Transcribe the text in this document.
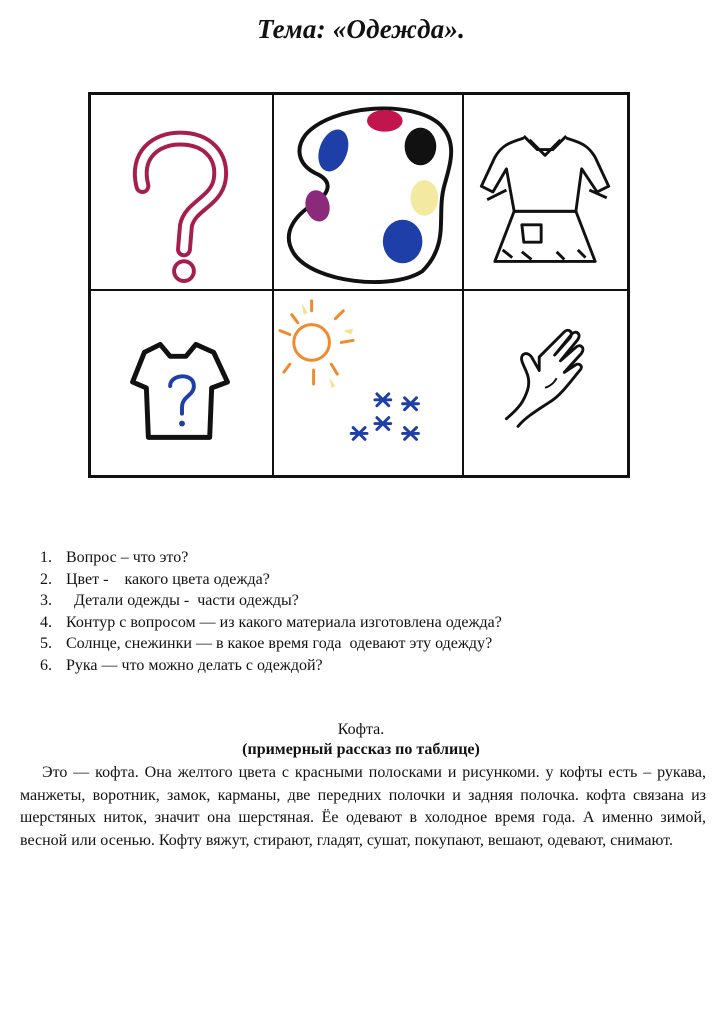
Тема: «Одежда».
1. Вопрос – что это?
2. Цвет -    какого цвета одежда?
3.  Детали одежды -  части одежды?
4. Контур с вопросом — из какого материала изготовлена одежда?
5. Солнце, снежинки — в какое время года  одевают эту одежду?
6. Рука — что можно делать с одеждой?
Кофта.
(примерный рассказ по таблице)

Это — кофта. Она желтого цвета с красными полосками и рисункоми. у кофты есть – рукава, манжеты, воротник, замок, карманы, две передних полочки и задняя полочка. кофта связана из шерстяных ниток, значит она шерстяная. Ёе одевают в холодное время года. А именно зимой, весной или осенью. Кофту вяжут, стирают, гладят, сушат, покупают, вешают, одевают, снимают.
